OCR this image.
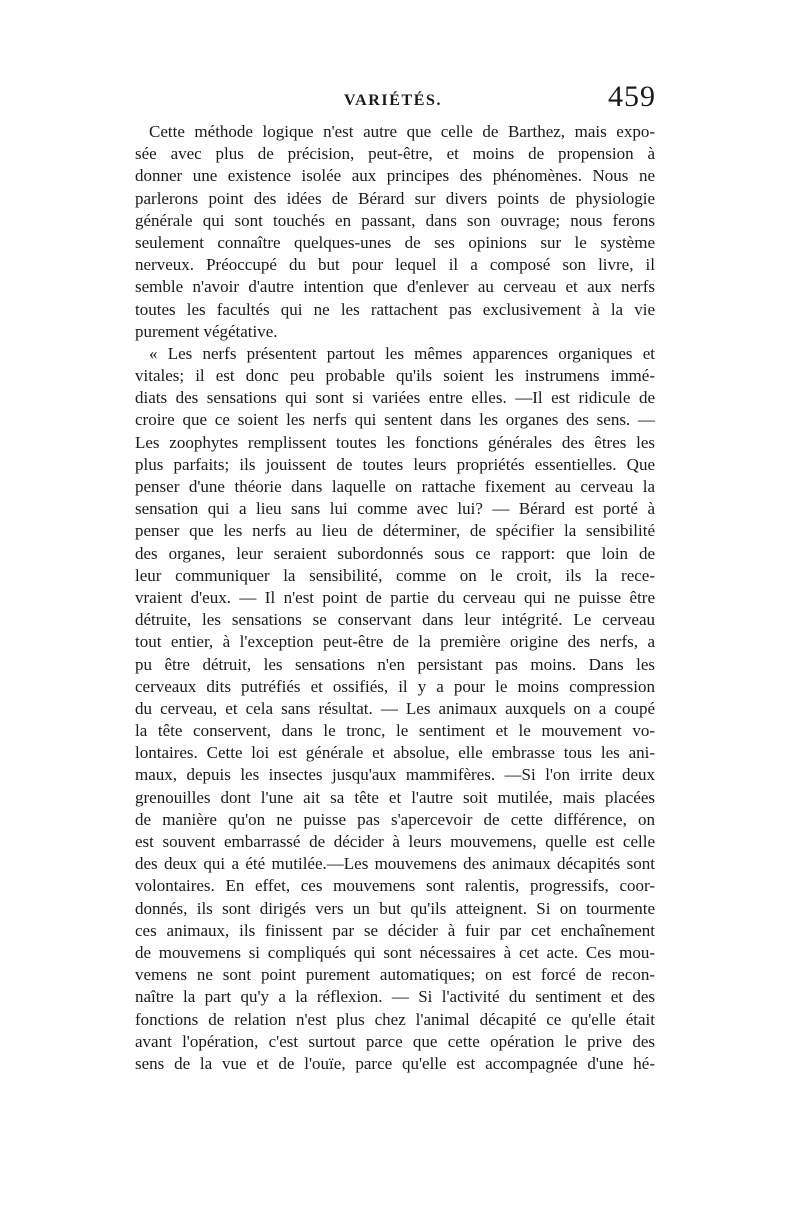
VARIÉTÉS.	459
Cette méthode logique n'est autre que celle de Barthez, mais expo-
sée avec plus de précision, peut-être, et moins de propension à
donner une existence isolée aux principes des phénomènes. Nous ne
parlerons point des idées de Bérard sur divers points de physiologie
générale qui sont touchés en passant, dans son ouvrage; nous ferons
seulement connaître quelques-unes de ses opinions sur le système
nerveux. Préoccupé du but pour lequel il a composé son livre, il
semble n'avoir d'autre intention que d'enlever au cerveau et aux nerfs
toutes les facultés qui ne les rattachent pas exclusivement à la vie
purement végétative.
« Les nerfs présentent partout les mêmes apparences organiques et
vitales; il est donc peu probable qu'ils soient les instrumens immé-
diats des sensations qui sont si variées entre elles. —Il est ridicule de
croire que ce soient les nerfs qui sentent dans les organes des sens. —
Les zoophytes remplissent toutes les fonctions générales des êtres les
plus parfaits; ils jouissent de toutes leurs propriétés essentielles. Que
penser d'une théorie dans laquelle on rattache fixement au cerveau la
sensation qui a lieu sans lui comme avec lui? — Bérard est porté à
penser que les nerfs au lieu de déterminer, de spécifier la sensibilité
des organes, leur seraient subordonnés sous ce rapport: que loin de
leur communiquer la sensibilité, comme on le croit, ils la rece-
vraient d'eux. — Il n'est point de partie du cerveau qui ne puisse être
détruite, les sensations se conservant dans leur intégrité. Le cerveau
tout entier, à l'exception peut-être de la première origine des nerfs, a
pu être détruit, les sensations n'en persistant pas moins. Dans les
cerveaux dits putréfiés et ossifiés, il y a pour le moins compression
du cerveau, et cela sans résultat. — Les animaux auxquels on a coupé
la tête conservent, dans le tronc, le sentiment et le mouvement vo-
lontaires. Cette loi est générale et absolue, elle embrasse tous les ani-
maux, depuis les insectes jusqu'aux mammifères. —Si l'on irrite deux
grenouilles dont l'une ait sa tête et l'autre soit mutilée, mais placées
de manière qu'on ne puisse pas s'apercevoir de cette différence, on
est souvent embarrassé de décider à leurs mouvemens, quelle est celle
des deux qui a été mutilée.—Les mouvemens des animaux décapités sont
volontaires. En effet, ces mouvemens sont ralentis, progressifs, coor-
donnés, ils sont dirigés vers un but qu'ils atteignent. Si on tourmente
ces animaux, ils finissent par se décider à fuir par cet enchaînement
de mouvemens si compliqués qui sont nécessaires à cet acte. Ces mou-
vemens ne sont point purement automatiques; on est forcé de recon-
naître la part qu'y a la réflexion. — Si l'activité du sentiment et des
fonctions de relation n'est plus chez l'animal décapité ce qu'elle était
avant l'opération, c'est surtout parce que cette opération le prive des
sens de la vue et de l'ouïe, parce qu'elle est accompagnée d'une hé-
